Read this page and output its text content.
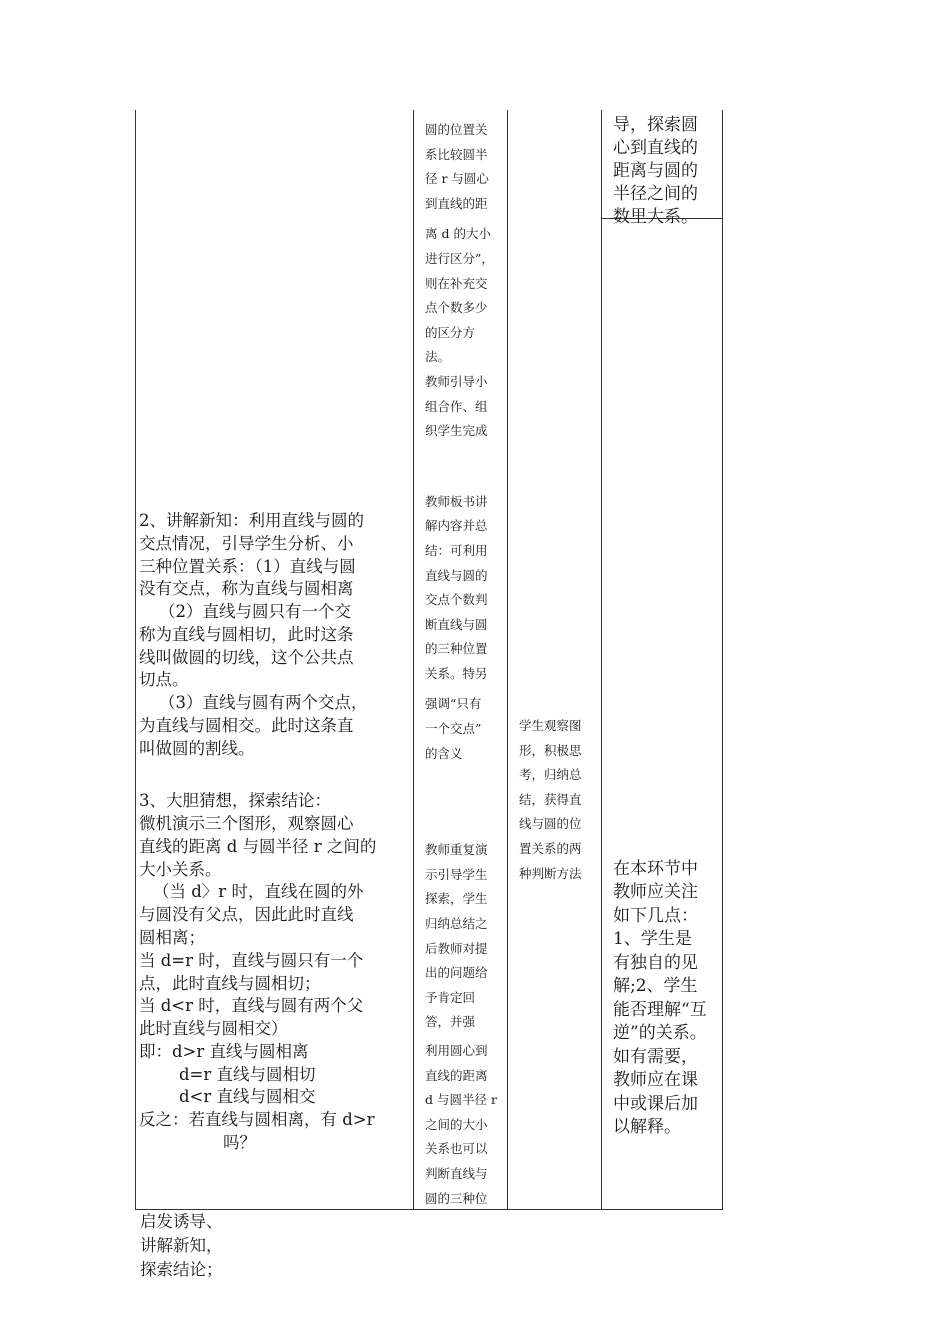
2、讲解新知：利用直线与圆的

交点情况，引导学生分析、小

三种位置关系：（1）直线与圆

没有交点，称为直线与圆相离

（2）直线与圆只有一个交

称为直线与圆相切，此时这条

线叫做圆的切线，这个公共点

切点。

（3）直线与圆有两个交点，

为直线与圆相交。此时这条直

叫做圆的割线。

3、大胆猜想，探索结论：

微机演示三个图形，观察圆心

直线的距离 d 与圆半径 r 之间的

大小关系。

（当 d〉r 时，直线在圆的外

与圆没有父点，因此此时直线

圆相离；

当 d=r 时，直线与圆只有一个

点，此时直线与圆相切；

当 d<r 时，直线与圆有两个父

此时直线与圆相交）

即：d>r 直线与圆相离

d=r 直线与圆相切

d<r 直线与圆相交

反之：若直线与圆相离，有 d>r

吗？

圆的位置关

系比较圆半

径 r 与圆心

到直线的距

离 d 的大小

进行区分”，

则在补充交

点个数多少

的区分方

法。

教师引导小

组合作、组

织学生完成

教师板书讲

解内容并总

结：可利用

直线与圆的

交点个数判

断直线与圆

的三种位置

关系。特另

强调“只有

一个交点”

的含义

教师重复演

示引导学生

探索，学生

归纳总结之

后教师对提

出的问题给

予肯定回

答，并强

利用圆心到

直线的距离

d 与圆半径 r

之间的大小

关系也可以

判断直线与

圆的三种位

学生观察图

形，积极思

考，归纳总

结，获得直

线与圆的位

置关系的两

种判断方法

导，探索圆

心到直线的

距离与圆的

半径之间的

数里大系。

在本环节中

教师应关注

如下几点：

1、学生是

有独自的见

解;2、学生

能否理解“互

逆”的关系。

如有需要，

教师应在课

中或课后加

以解释。

启发诱导、

讲解新知，

探索结论；
